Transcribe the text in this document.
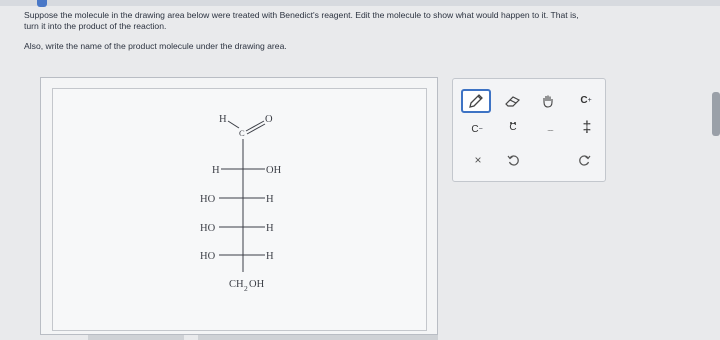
Suppose the molecule in the drawing area below were treated with Benedict's reagent. Edit the molecule to show what would happen to it. That is,

turn it into the product of the reaction.

Also, write the name of the product molecule under the drawing area.

H
C
O
H	OH
HO	H
HO	H
HO	H
CH 2 OH
C +
C −	C	...... ‡
×
